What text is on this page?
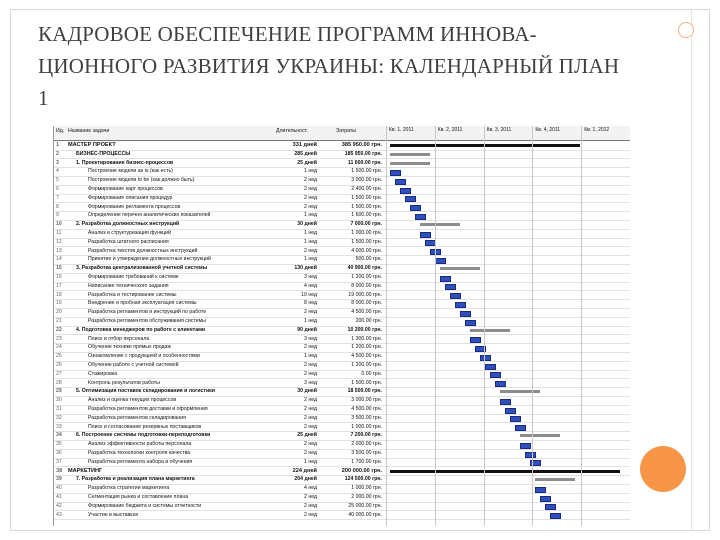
КАДРОВОЕ ОБЕСПЕЧЕНИЕ ПРОГРАММ ИННОВА-
ЦИОННОГО РАЗВИТИЯ УКРАИНЫ: КАЛЕНДАРНЫЙ ПЛАН
1
Ид. Название задачи	Длительност.	Затраты	Кв. 1, 2011	Кв. 2, 2011	Кв. 3, 2011	Кв. 4, 2011	Кв. 1, 2012
1	МАСТЕР ПРОЕКТ	331 дней	385 950.00 грн.
2	БИЗНЕС-ПРОЦЕССЫ	285 дней	185 950.00 грн.
3	1. Проектирование бизнес-процессов	25 дней	11 600.00 грн.
4	Построение модели as is (как есть)	1 нед	1 500.00 грн.
5	Построение модели to be (как должно быть)	2 нед	3 000.00 грн.
6	Формирование карт процессов	2 нед	2 400.00 грн.
7	Формирование описания процедур	2 нед	1 500.00 грн.
8	Формирование регламента процессов	2 нед	1 500.00 грн.
9	Определение перечня аналитических показателей	1 нед	1 600.00 грн.
10	2. Разработка должностных инструкций	30 дней	7 000.00 грн.
11	Анализ и структуризация функций	1 нед	1 000.00 грн.
12	Разработка штатного расписания	1 нед	1 500.00 грн.
13	Разработка текстов должностных инструкций	2 нед	4 000.00 грн.
14	Принятие и утверждение должностных инструкций	1 нед	500.00 грн.
15	3. Разработка централизованной учетной системы	130 дней	40 900.00 грн.
16	Формирование требований к системе	3 нед	1 200.00 грн.
17	Написание технического задания	4 нед	8 000.00 грн.
18	Разработка и тестирование системы	10 нед	19 000.00 грн.
19	Внедрение и пробная эксплуатация системы	8 нед	8 000.00 грн.
20	Разработка регламентов и инструкций по работе	2 нед	4 500.00 грн.
21	Разработка регламентов обслуживания системы	1 нед	200.00 грн.
22	4. Подготовка менеджеров по работе с клиентами	90 дней	10 200.00 грн.
23	Поиск и отбор персонала	3 нед	1 300.00 грн.
24	Обучение технике прямых продаж	2 нед	1 200.00 грн.
25	Ознакомление с продукцией и особенностями	1 нед	4 500.00 грн.
26	Обучение работе с учетной системой	2 нед	1 200.00 грн.
27	Стажировка	2 нед	0.00 грн.
28	Контроль результатов работы	3 нед	1 500.00 грн.
29	5. Оптимизация поставок складирования и логистики	30 дней	18 500.00 грн.
30	Анализ и оценка текущих процессов	2 нед	3 000.00 грн.
31	Разработка регламентов доставки и оформления	2 нед	4 500.00 грн.
32	Разработка регламентов складирования	2 нед	3 500.00 грн.
33	Поиск и согласование резервных поставщиков	2 нед	1 000.00 грн.
34	6. Построение системы подготовки-переподготовки	25 дней	7 200.00 грн.
35	Анализ эффективности работы персонала	2 нед	2 000.00 грн.
36	Разработка технологии контроля качества	2 нед	3 500.00 грн.
37	Разработка регламента набора и обучения	1 нед	1 700.00 грн.
38	МАРКЕТИНГ	224 дней	200 000.00 грн.
39	7. Разработка и реализация плана маркетинга	204 дней	124 500.00 грн.
40	Разработка стратегии маркетинга	4 нед	1 000.00 грн.
41	Сегментация рынка и составление плана	2 нед	2 000.00 грн.
42	Формирование бюджета и системы отчетности	2 нед	25 000.00 грн.
43	Участие в выставках	2 нед	40 000.00 грн.
